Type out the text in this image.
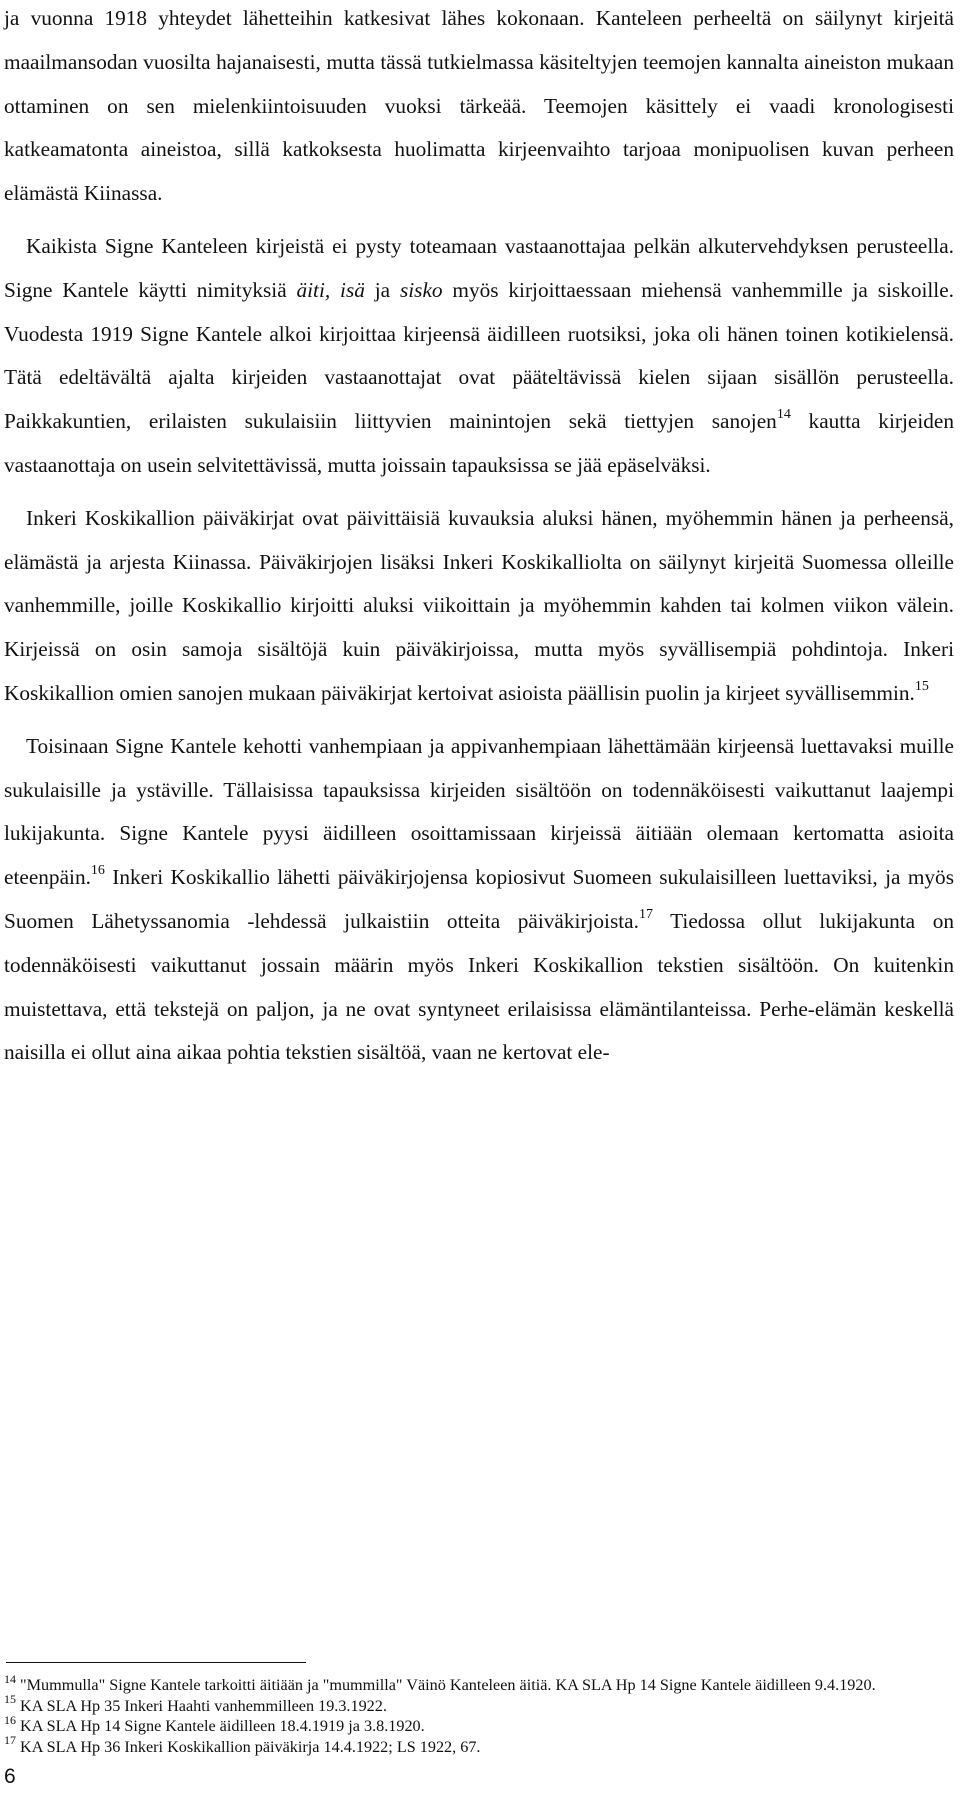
ja vuonna 1918 yhteydet lähetteihin katkesivat lähes kokonaan. Kanteleen perheeltä on säilynyt kirjeitä maailmansodan vuosilta hajanaisesti, mutta tässä tutkielmassa käsiteltyjen teemojen kannalta aineiston mukaan ottaminen on sen mielenkiintoisuuden vuoksi tärkeää. Teemojen käsittely ei vaadi kronologisesti katkeamatonta aineistoa, sillä katkoksesta huolimatta kirjeenvaihto tarjoaa monipuolisen kuvan perheen elämästä Kiinassa.

Kaikista Signe Kanteleen kirjeistä ei pysty toteamaan vastaanottajaa pelkän alkutervehdyksen perusteella. Signe Kantele käytti nimityksiä äiti, isä ja sisko myös kirjoittaessaan miehensä vanhemmille ja siskoille. Vuodesta 1919 Signe Kantele alkoi kirjoittaa kirjeensä äidilleen ruotsiksi, joka oli hänen toinen kotikielensä. Tätä edeltävältä ajalta kirjeiden vastaanottajat ovat pääteltävissä kielen sijaan sisällön perusteella. Paikkakuntien, erilaisten sukulaisiin liittyvien mainintojen sekä tiettyjen sanojen$^{14}$ kautta kirjeiden vastaanottaja on usein selvitettävissä, mutta joissain tapauksissa se jää epäselväksi.

Inkeri Koskikallion päiväkirjat ovat päivittäisiä kuvauksia aluksi hänen, myöhemmin hänen ja perheensä, elämästä ja arjesta Kiinassa. Päiväkirjojen lisäksi Inkeri Koskikalliolta on säilynyt kirjeitä Suomessa olleille vanhemmille, joille Koskikallio kirjoitti aluksi viikoittain ja myöhemmin kahden tai kolmen viikon välein. Kirjeissä on osin samoja sisältöjä kuin päiväkirjoissa, mutta myös syvällisempiä pohdintoja. Inkeri Koskikallion omien sanojen mukaan päiväkirjat kertoivat asioista päällisin puolin ja kirjeet syvällisemmin.$^{15}$

Toisinaan Signe Kantele kehotti vanhempiaan ja appivanhempiaan lähettämään kirjeensä luettavaksi muille sukulaisille ja ystäville. Tällaisissa tapauksissa kirjeiden sisältöön on todennäköisesti vaikuttanut laajempi lukijakunta. Signe Kantele pyysi äidilleen osoittamissaan kirjeissä äitiään olemaan kertomatta asioita eteenpäin.$^{16}$ Inkeri Koskikallio lähetti päiväkirjojensa kopiosivut Suomeen sukulaisilleen luettaviksi, ja myös Suomen Lähetyssanomia -lehdessä julkaistiin otteita päiväkirjoista.$^{17}$ Tiedossa ollut lukijakunta on todennäköisesti vaikuttanut jossain määrin myös Inkeri Koskikallion tekstien sisältöön. On kuitenkin muistettava, että tekstejä on paljon, ja ne ovat syntyneet erilaisissa elämäntilanteissa. Perhe-elämän keskellä naisilla ei ollut aina aikaa pohtia tekstien sisältöä, vaan ne kertovat ele-

$^{14}$ "Mummulla" Signe Kantele tarkoitti äitiään ja "mummilla" Väinö Kanteleen äitiä. KA SLA Hp 14 Signe Kantele äidilleen 9.4.1920.

$^{15}$ KA SLA Hp 35 Inkeri Haahti vanhemmilleen 19.3.1922.

$^{16}$ KA SLA Hp 14 Signe Kantele äidilleen 18.4.1919 ja 3.8.1920.

$^{17}$ KA SLA Hp 36 Inkeri Koskikallion päiväkirja 14.4.1922; LS 1922, 67.

6
